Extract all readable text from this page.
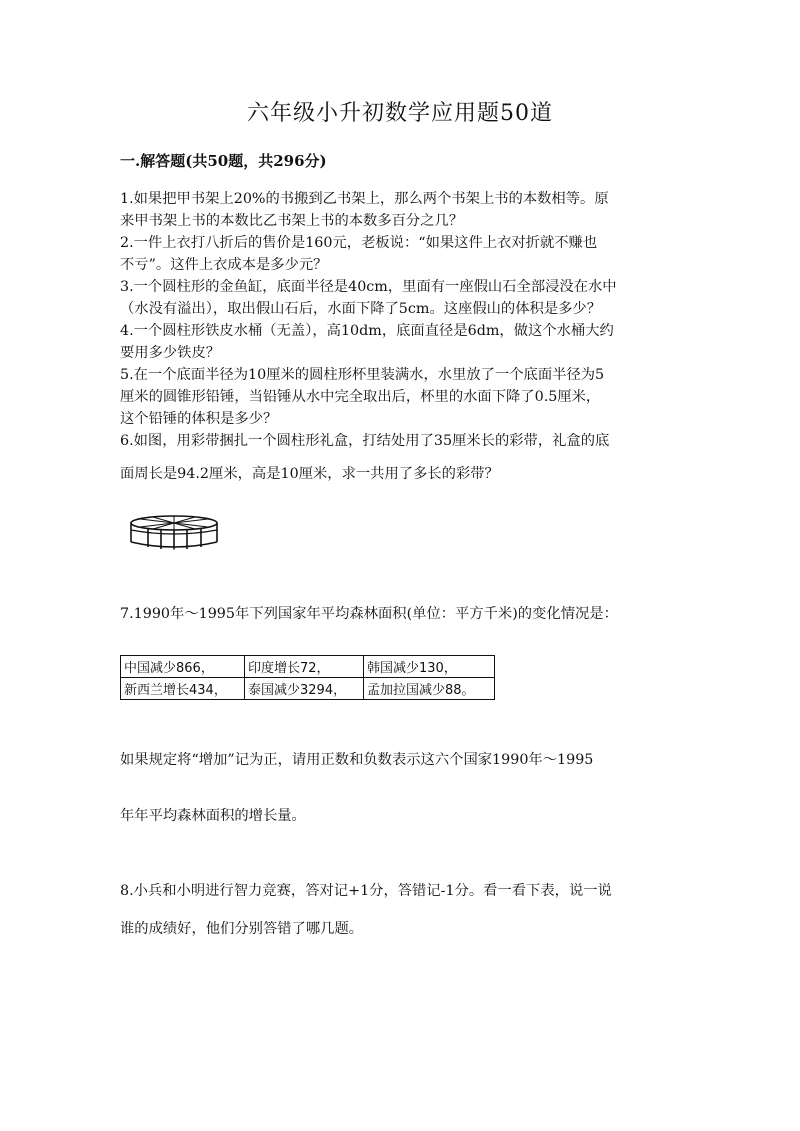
六年级小升初数学应用题50道
一.解答题(共50题，共296分)
1.如果把甲书架上20%的书搬到乙书架上，那么两个书架上书的本数相等。原
来甲书架上书的本数比乙书架上书的本数多百分之几？
2.一件上衣打八折后的售价是160元，老板说：“如果这件上衣对折就不赚也
不亏”。这件上衣成本是多少元？
3.一个圆柱形的金鱼缸，底面半径是40cm，里面有一座假山石全部浸没在水中
（水没有溢出），取出假山石后，水面下降了5cm。这座假山的体积是多少？
4.一个圆柱形铁皮水桶（无盖），高10dm，底面直径是6dm，做这个水桶大约
要用多少铁皮？
5.在一个底面半径为10厘米的圆柱形杯里装满水，水里放了一个底面半径为5
厘米的圆锥形铅锤，当铅锤从水中完全取出后，杯里的水面下降了0.5厘米，
这个铅锤的体积是多少？
6.如图，用彩带捆扎一个圆柱形礼盒，打结处用了35厘米长的彩带，礼盒的底
面周长是94.2厘米，高是10厘米，求一共用了多长的彩带？
7.1990年～1995年下列国家年平均森林面积(单位：平方千米)的变化情况是：
中国减少866，	印度增长72，	韩国减少130，
新西兰增长434，	泰国减少3294，	孟加拉国减少88。
如果规定将“增加”记为正，请用正数和负数表示这六个国家1990年～1995
年年平均森林面积的增长量。
8.小兵和小明进行智力竞赛，答对记+1分，答错记-1分。看一看下表，说一说
谁的成绩好，他们分别答错了哪几题。
